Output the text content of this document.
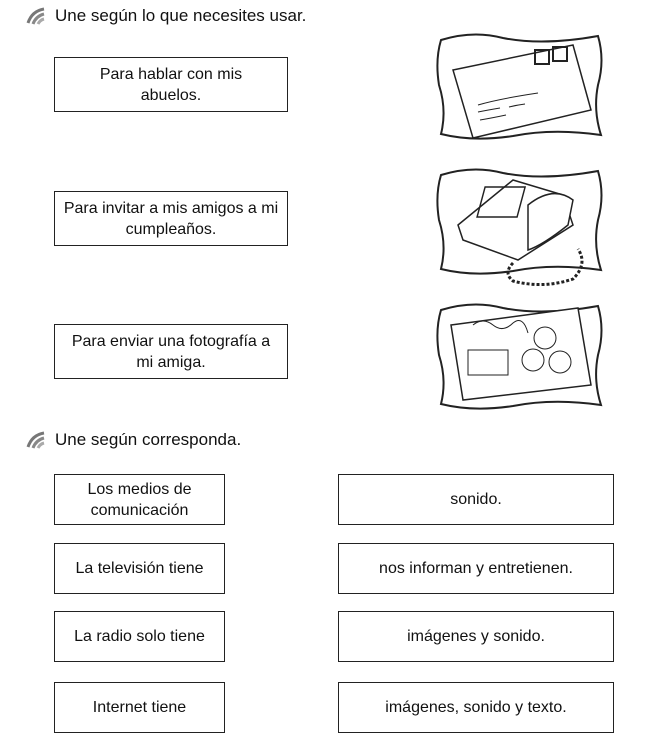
Une según lo que necesites usar.
Para hablar con mis abuelos.
Para invitar a mis amigos a mi cumpleaños.
Para enviar una fotografía a mi amiga.
Une según corresponda.
Los medios de comunicación
La televisión tiene
La radio solo tiene
Internet tiene
sonido.
nos informan y entretienen.
imágenes y sonido.
imágenes, sonido y texto.
